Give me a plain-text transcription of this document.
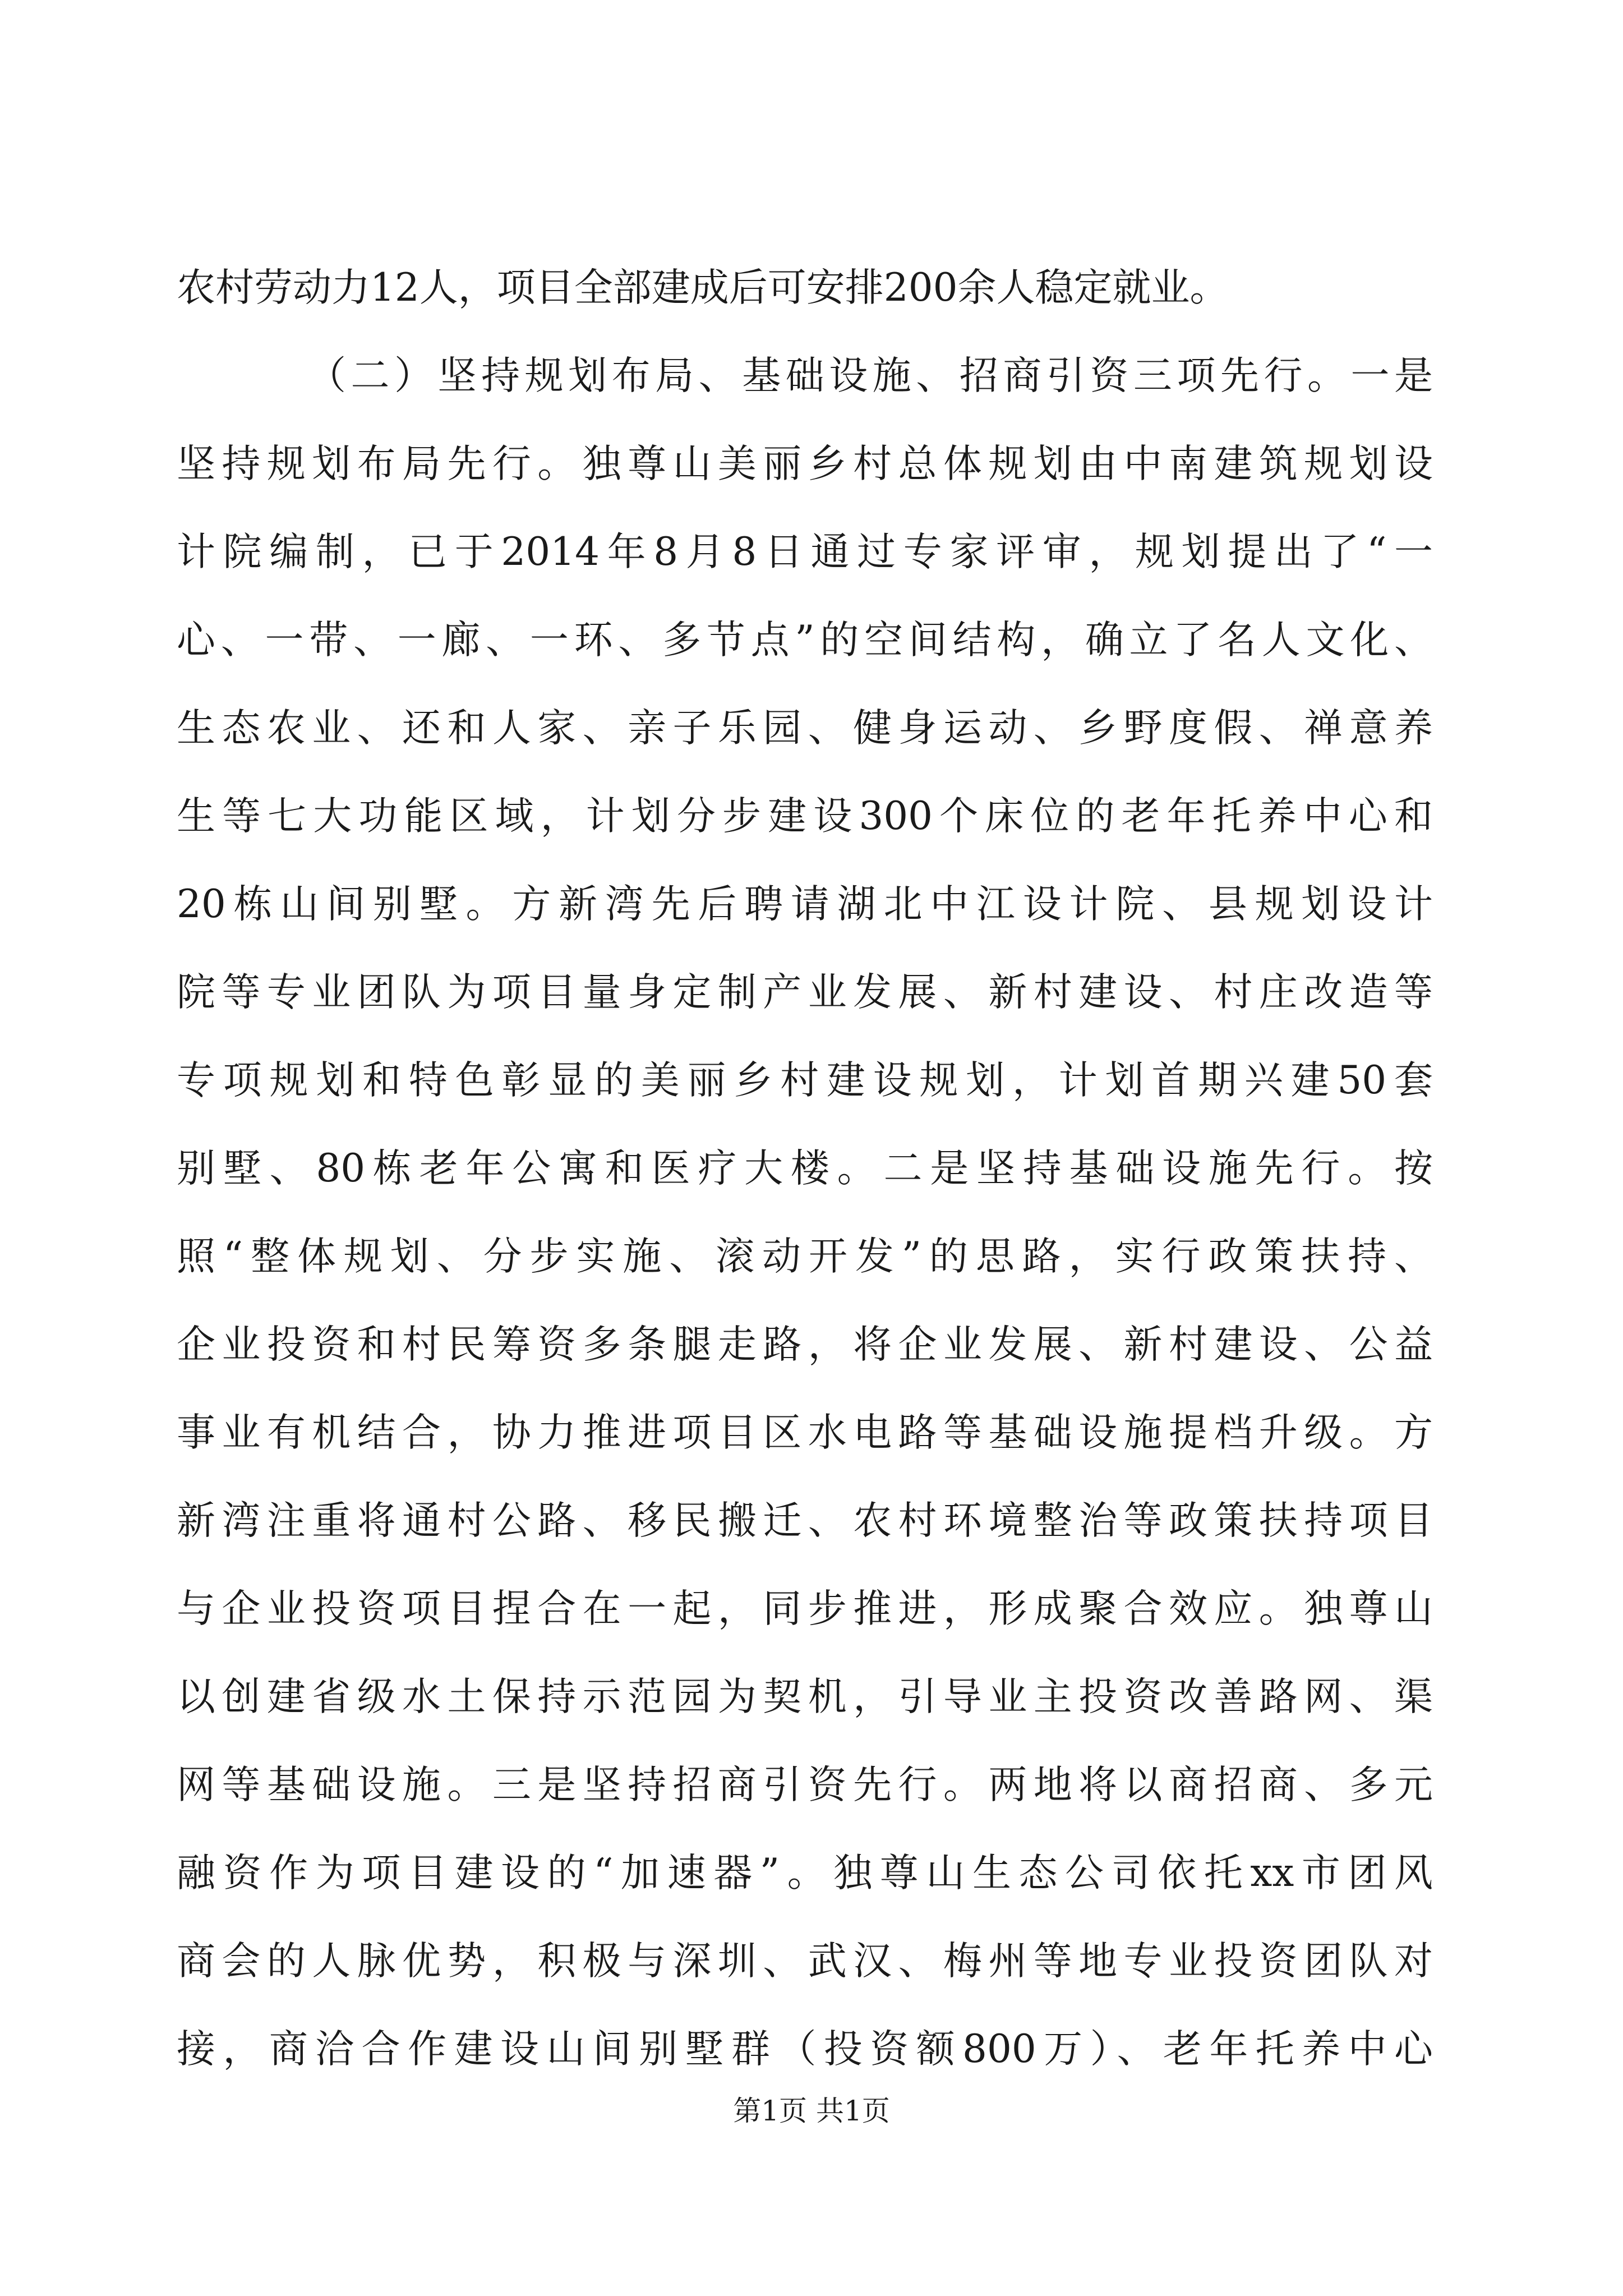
农村劳动力12人，项目全部建成后可安排200余人稳定就业。
（二）坚持规划布局、基础设施、招商引资三项先行。一是
坚持规划布局先行。独尊山美丽乡村总体规划由中南建筑规划设
计院编制，已于2014年8月8日通过专家评审，规划提出了“一
心、一带、一廊、一环、多节点”的空间结构，确立了名人文化、
生态农业、还和人家、亲子乐园、健身运动、乡野度假、禅意养
生等七大功能区域，计划分步建设300个床位的老年托养中心和
20栋山间别墅。方新湾先后聘请湖北中江设计院、县规划设计
院等专业团队为项目量身定制产业发展、新村建设、村庄改造等
专项规划和特色彰显的美丽乡村建设规划，计划首期兴建50套
别墅、80栋老年公寓和医疗大楼。二是坚持基础设施先行。按
照“整体规划、分步实施、滚动开发”的思路，实行政策扶持、
企业投资和村民筹资多条腿走路，将企业发展、新村建设、公益
事业有机结合，协力推进项目区水电路等基础设施提档升级。方
新湾注重将通村公路、移民搬迁、农村环境整治等政策扶持项目
与企业投资项目捏合在一起，同步推进，形成聚合效应。独尊山
以创建省级水土保持示范园为契机，引导业主投资改善路网、渠
网等基础设施。三是坚持招商引资先行。两地将以商招商、多元
融资作为项目建设的“加速器”。独尊山生态公司依托xx市团风
商会的人脉优势，积极与深圳、武汉、梅州等地专业投资团队对
接，商洽合作建设山间别墅群（投资额800万）、老年托养中心
第1页 共1页
